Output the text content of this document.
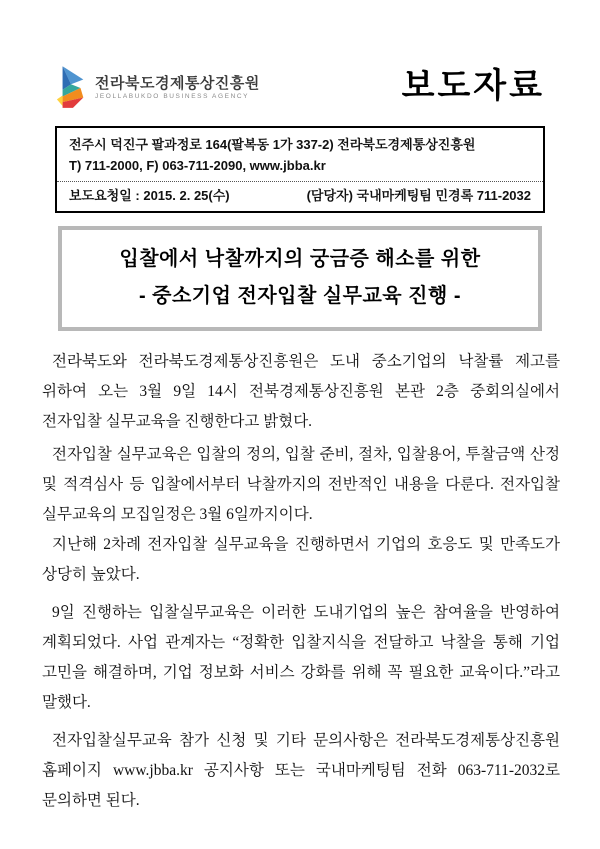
전라북도경제통상진흥원
JEOLLABUKDO BUSINESS AGENCY	보도자료
전주시 덕진구 팔과정로 164(팔복동 1가 337-2) 전라북도경제통상진흥원
T) 711-2000, F) 063-711-2090, www.jbba.kr
보도요청일 : 2015. 2. 25(수)	(담당자) 국내마케팅팀 민경록 711-2032
입찰에서 낙찰까지의 궁금증 해소를 위한
- 중소기업 전자입찰 실무교육 진행 -

전라북도와 전라북도경제통상진흥원은 도내 중소기업의 낙찰률 제고를 위하여 오는 3월 9일 14시 전북경제통상진흥원 본관 2층 중회의실에서 전자입찰 실무교육을 진행한다고 밝혔다.

전자입찰 실무교육은 입찰의 정의, 입찰 준비, 절차, 입찰용어, 투찰금액 산정 및 적격심사 등 입찰에서부터 낙찰까지의 전반적인 내용을 다룬다. 전자입찰 실무교육의 모집일정은 3월 6일까지이다.

지난해 2차례 전자입찰 실무교육을 진행하면서 기업의 호응도 및 만족도가 상당히 높았다.

9일 진행하는 입찰실무교육은 이러한 도내기업의 높은 참여율을 반영하여 계획되었다. 사업 관계자는 “정확한 입찰지식을 전달하고 낙찰을 통해 기업 고민을 해결하며, 기업 정보화 서비스 강화를 위해 꼭 필요한 교육이다.”라고 말했다.

전자입찰실무교육 참가 신청 및 기타 문의사항은 전라북도경제통상진흥원 홈페이지 www.jbba.kr 공지사항 또는 국내마케팅팀 전화 063-711-2032로 문의하면 된다.
